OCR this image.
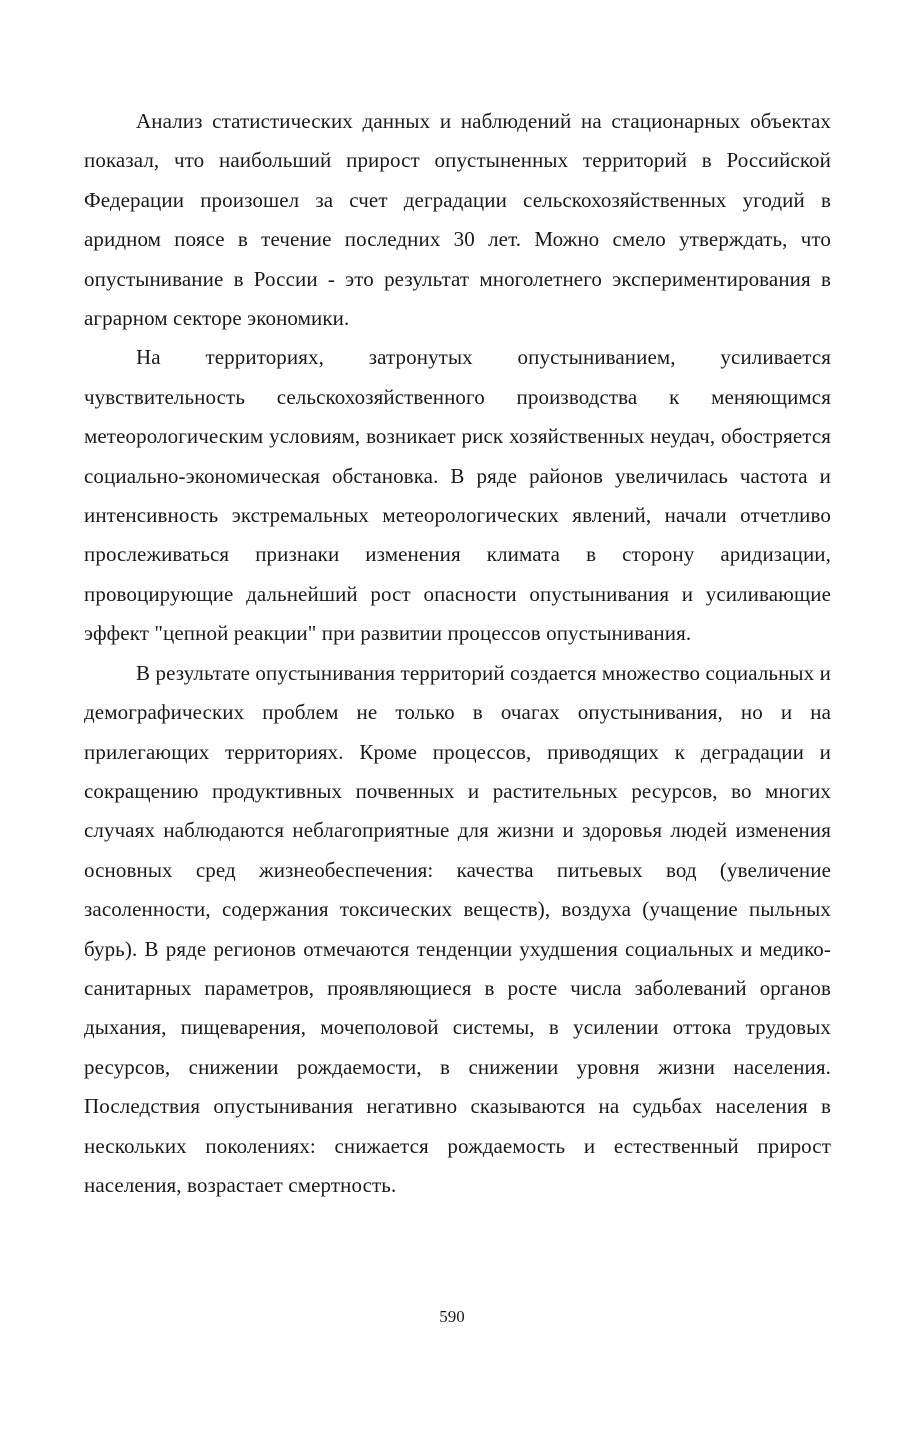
Анализ статистических данных и наблюдений на стационарных объектах показал, что наибольший прирост опустыненных территорий в Российской Федерации произошел за счет деградации сельскохозяйственных угодий в аридном поясе в течение последних 30 лет. Можно смело утверждать, что опустынивание в России - это результат многолетнего экспериментирования в аграрном секторе экономики.

На территориях, затронутых опустыниванием, усиливается чувствительность сельскохозяйственного производства к меняющимся метеорологическим условиям, возникает риск хозяйственных неудач, обостряется социально-экономическая обстановка. В ряде районов увеличилась частота и интенсивность экстремальных метеорологических явлений, начали отчетливо прослеживаться признаки изменения климата в сторону аридизации, провоцирующие дальнейший рост опасности опустынивания и усиливающие эффект "цепной реакции" при развитии процессов опустынивания.

В результате опустынивания территорий создается множество социальных и демографических проблем не только в очагах опустынивания, но и на прилегающих территориях. Кроме процессов, приводящих к деградации и сокращению продуктивных почвенных и растительных ресурсов, во многих случаях наблюдаются неблагоприятные для жизни и здоровья людей изменения основных сред жизнеобеспечения: качества питьевых вод (увеличение засоленности, содержания токсических веществ), воздуха (учащение пыльных бурь). В ряде регионов отмечаются тенденции ухудшения социальных и медико-санитарных параметров, проявляющиеся в росте числа заболеваний органов дыхания, пищеварения, мочеполовой системы, в усилении оттока трудовых ресурсов, снижении рождаемости, в снижении уровня жизни населения. Последствия опустынивания негативно сказываются на судьбах населения в нескольких поколениях: снижается рождаемость и естественный прирост населения, возрастает смертность.

590
